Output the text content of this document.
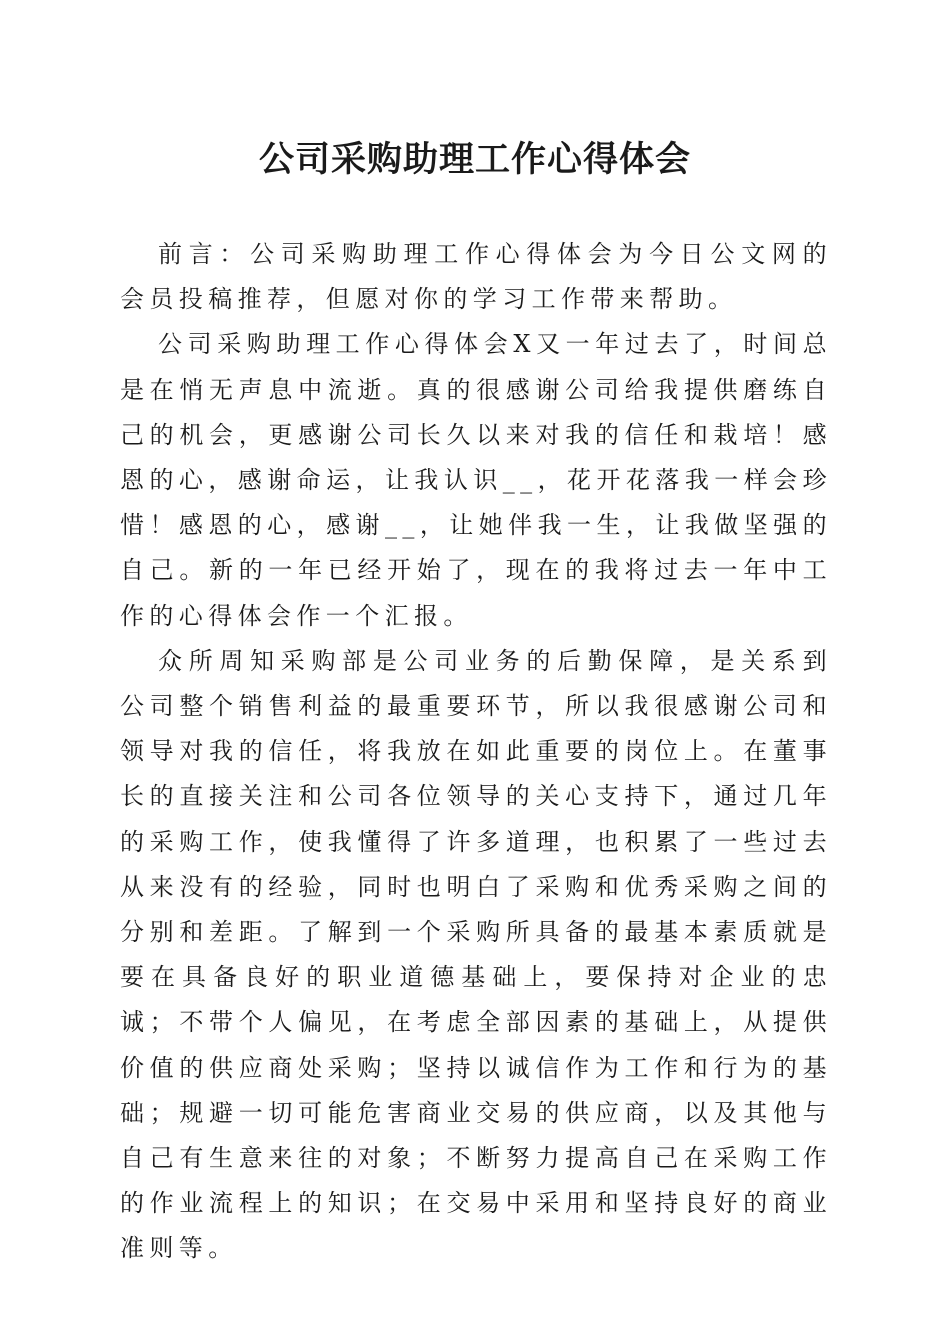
公司采购助理工作心得体会

前言：公司采购助理工作心得体会为今日公文网的会员投稿推荐，但愿对你的学习工作带来帮助。

公司采购助理工作心得体会X又一年过去了，时间总是在悄无声息中流逝。真的很感谢公司给我提供磨练自己的机会，更感谢公司长久以来对我的信任和栽培！感恩的心，感谢命运，让我认识__，花开花落我一样会珍惜！感恩的心，感谢__，让她伴我一生，让我做坚强的自己。新的一年已经开始了，现在的我将过去一年中工作的心得体会作一个汇报。

众所周知采购部是公司业务的后勤保障，是关系到公司整个销售利益的最重要环节，所以我很感谢公司和领导对我的信任，将我放在如此重要的岗位上。在董事长的直接关注和公司各位领导的关心支持下，通过几年的采购工作，使我懂得了许多道理，也积累了一些过去从来没有的经验，同时也明白了采购和优秀采购之间的分别和差距。了解到一个采购所具备的最基本素质就是要在具备良好的职业道德基础上，要保持对企业的忠诚；不带个人偏见，在考虑全部因素的基础上，从提供价值的供应商处采购；坚持以诚信作为工作和行为的基础；规避一切可能危害商业交易的供应商，以及其他与自己有生意来往的对象；不断努力提高自己在采购工作的作业流程上的知识；在交易中采用和坚持良好的商业准则等。
